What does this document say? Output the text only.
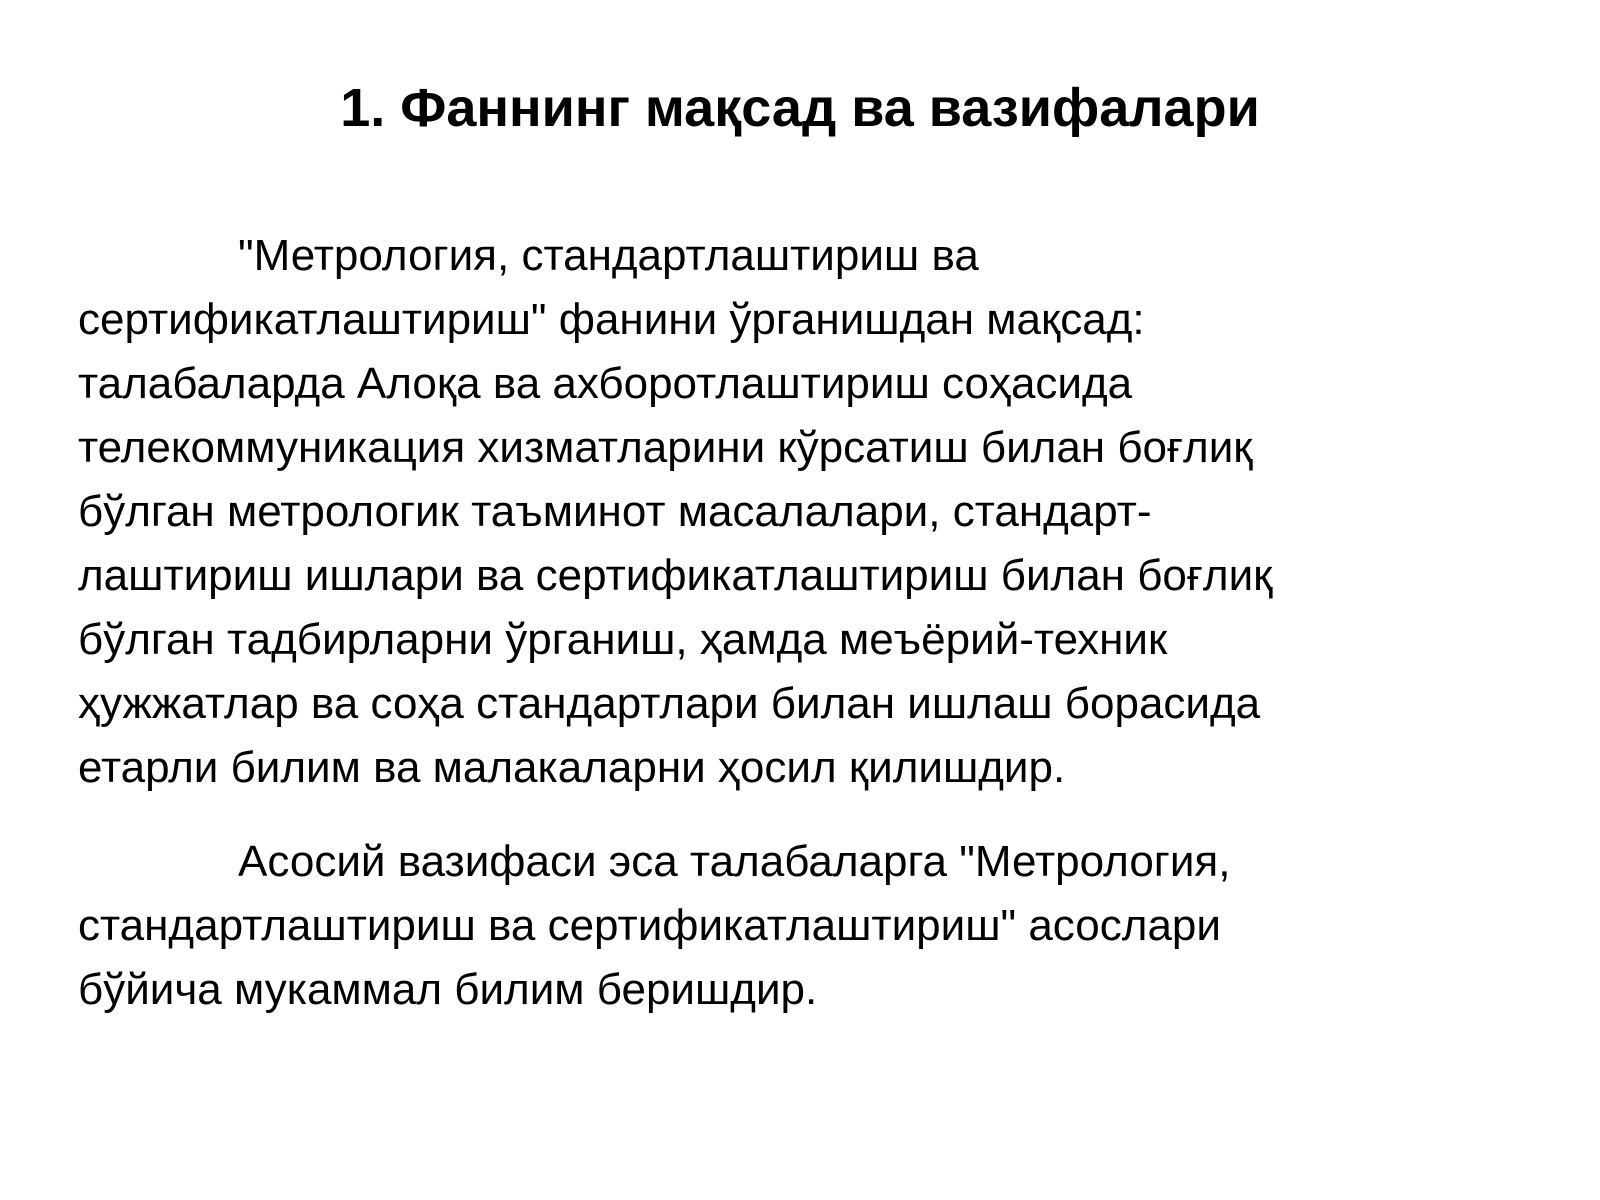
1. Фаннинг мақсад ва вазифалари
"Метрология, стандартлаштириш ва
сертификатлаштириш" фанини ўрганишдан мақсад:
талабаларда Алоқа ва ахборотлаштириш соҳасида
телекоммуникация хизматларини кўрсатиш билан боғлиқ
бўлган метрологик таъминот масалалари, стандарт-
лаштириш ишлари ва сертификатлаштириш билан боғлиқ
бўлган тадбирларни ўрганиш, ҳамда меъёрий-техник
ҳужжатлар ва соҳа стандартлари билан ишлаш борасида
етарли билим ва малакаларни ҳосил қилишдир.
Асосий вазифаси эса талабаларга "Метрология,
стандартлаштириш ва сертификатлаштириш" асослари
бўйича мукаммал билим беришдир.
